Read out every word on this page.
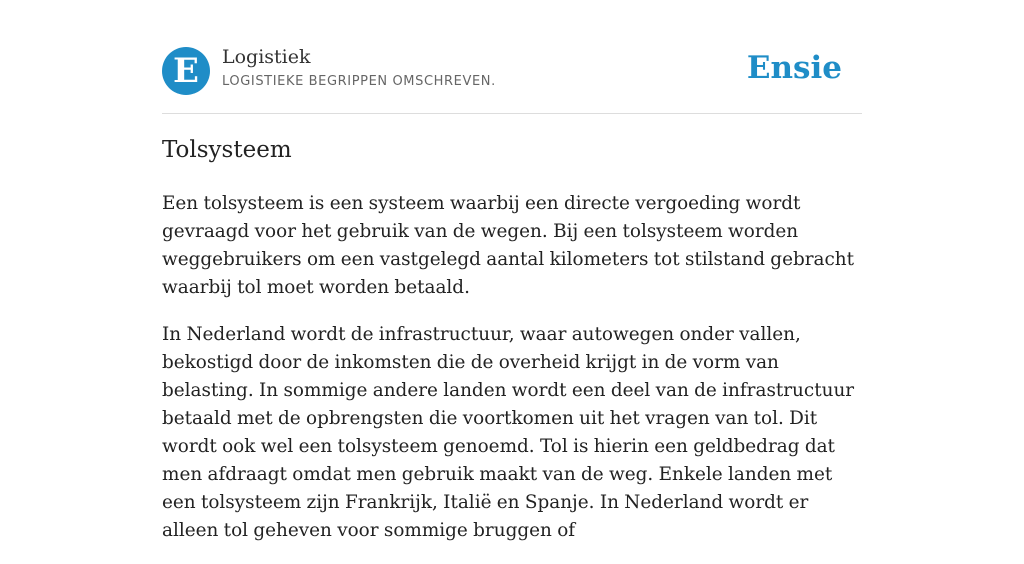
E	Logistiek
LOGISTIEKE BEGRIPPEN OMSCHREVEN.	Ensie
Tolsysteem

Een tolsysteem is een systeem waarbij een directe vergoeding wordt gevraagd voor het gebruik van de wegen. Bij een tolsysteem worden weggebruikers om een vastgelegd aantal kilometers tot stilstand gebracht waarbij tol moet worden betaald.

In Nederland wordt de infrastructuur, waar autowegen onder vallen, bekostigd door de inkomsten die de overheid krijgt in de vorm van belasting. In sommige andere landen wordt een deel van de infrastructuur betaald met de opbrengsten die voortkomen uit het vragen van tol. Dit wordt ook wel een tolsysteem genoemd. Tol is hierin een geldbedrag dat men afdraagt omdat men gebruik maakt van de weg. Enkele landen met een tolsysteem zijn Frankrijk, Italië en Spanje. In Nederland wordt er alleen tol geheven voor sommige bruggen of
